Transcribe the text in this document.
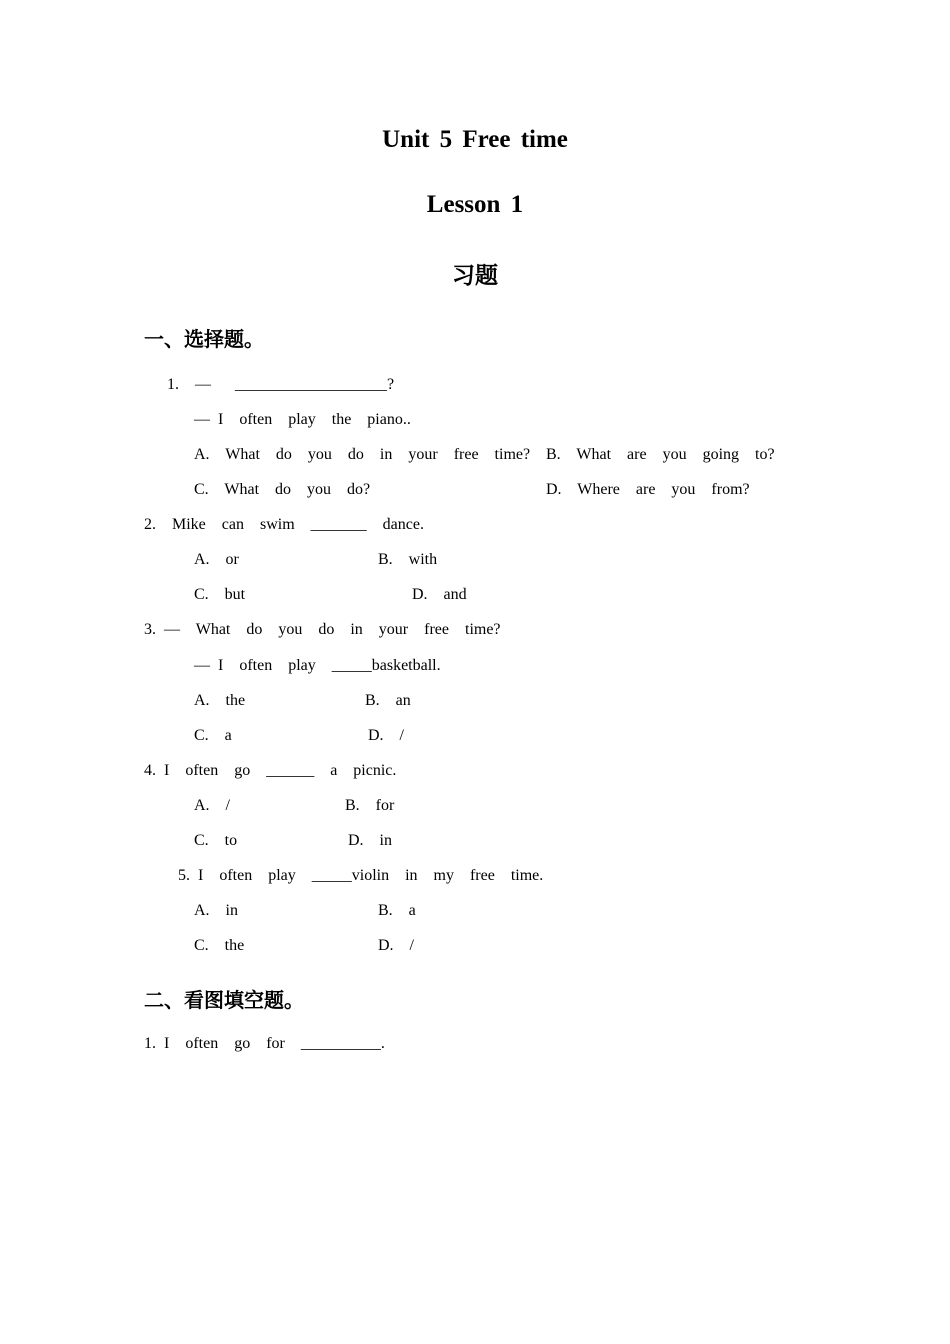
Unit 5 Free time
Lesson 1
习题
一、选择题。
1.  —   ___________________?
— I  often  play  the  piano..
A.  What  do  you  do  in  your  free  time? B.  What  are  you  going  to?
C.  What  do  you  do?	D.  Where  are  you  from?
2.  Mike  can  swim  _______  dance.
A.  or	B.  with
C.  but	D.  and
3. —  What  do  you  do  in  your  free  time?
— I  often  play  _____basketball.
A.  the	B.  an
C.  a	D.  /
4. I  often  go  ______  a  picnic.
A.  /	B.  for
C.  to	D.  in
5. I  often  play  _____violin  in  my  free  time.
A.  in	B.  a
C.  the	D.  /
二、看图填空题。
1. I  often  go  for  __________.
